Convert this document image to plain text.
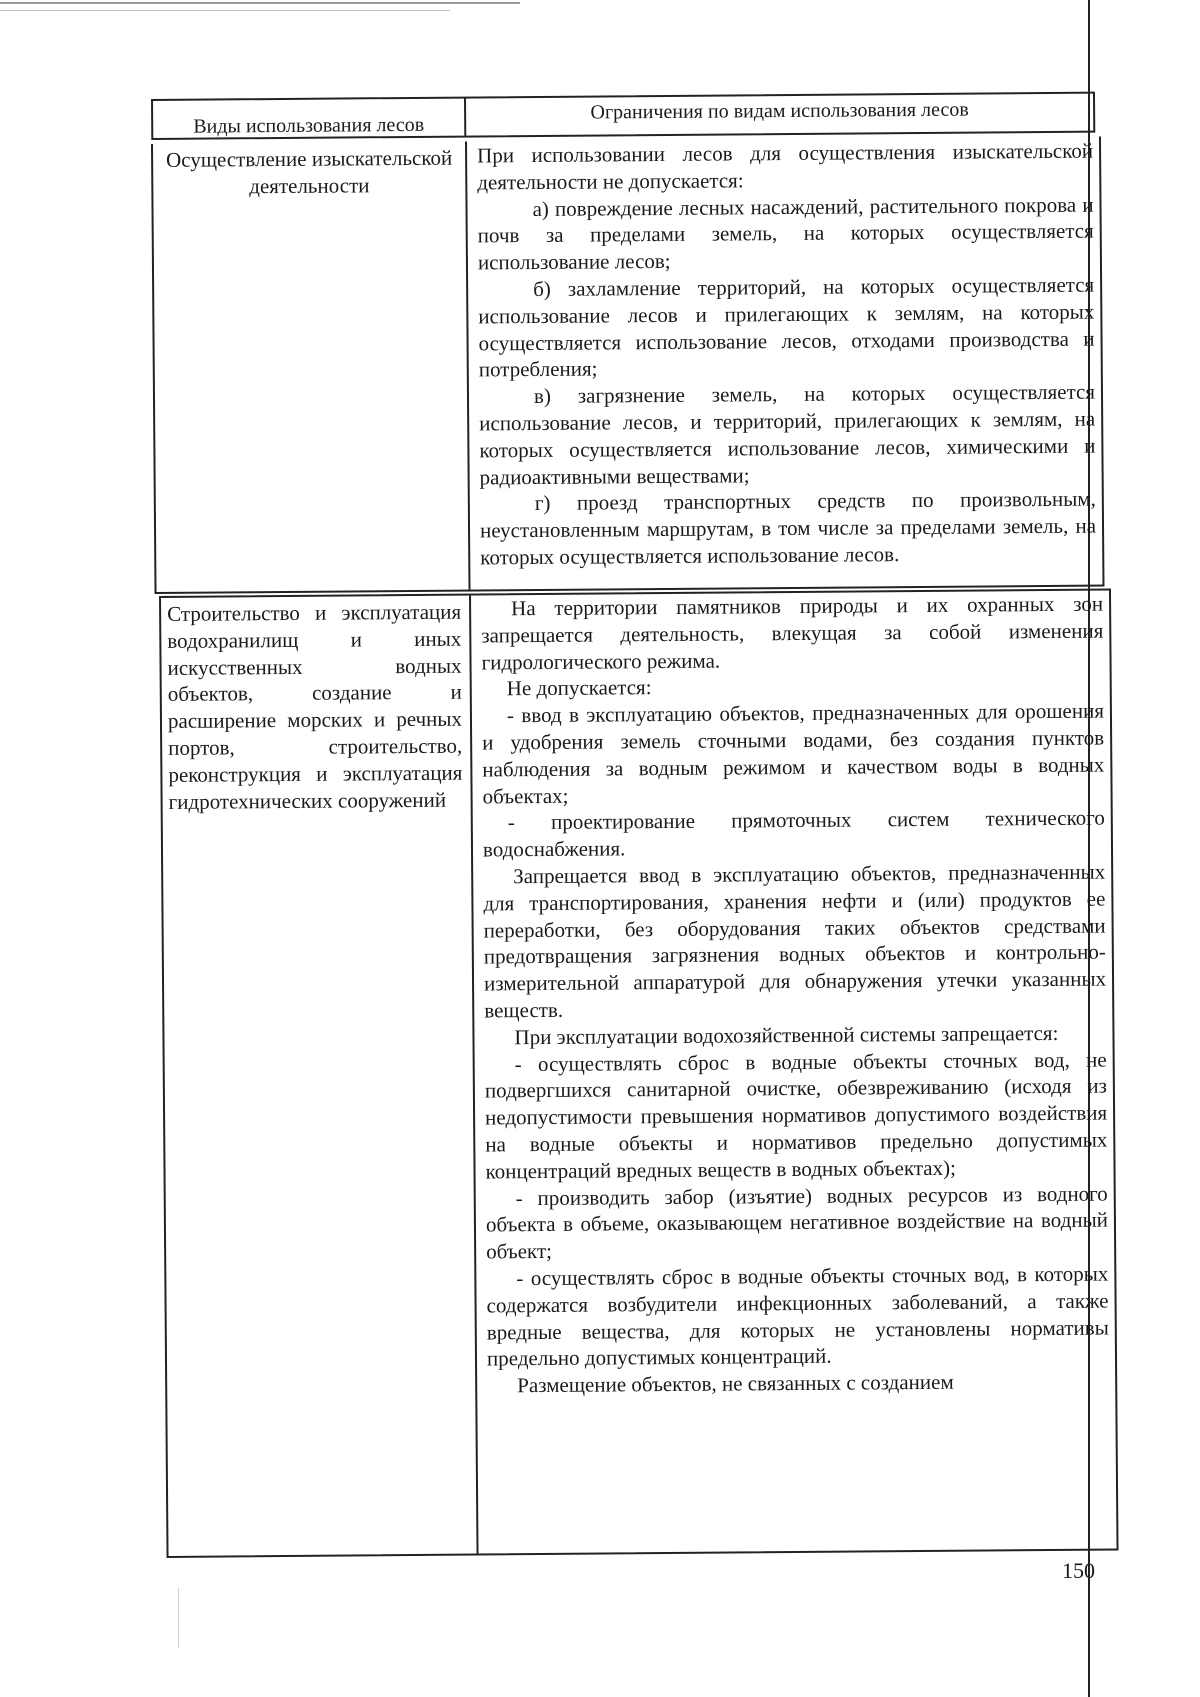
Виды использования лесов
Ограничения по видам использования лесов
Осуществление изыскательской деятельности

При использовании лесов для осуществления изыскательской деятельности не допускается:

а) повреждение лесных насаждений, растительного покрова и почв за пределами земель, на которых осуществляется использование лесов;

б) захламление территорий, на которых осуществляется использование лесов и прилегающих к землям, на которых осуществляется использование лесов, отходами производства и потребления;

в) загрязнение земель, на которых осуществляется использование лесов, и территорий, прилегающих к землям, на которых осуществляется использование лесов, химическими и радиоактивными веществами;

г) проезд транспортных средств по произвольным, неустановленным маршрутам, в том числе за пределами земель, на которых осуществляется использование лесов.

Строительство и эксплуатация водохранилищ и иных искусственных водных объектов, создание и расширение морских и речных портов, строительство, реконструкция и эксплуатация гидротехнических сооружений

На территории памятников природы и их охранных зон запрещается деятельность, влекущая за собой изменения гидрологического режима.

Не допускается:

- ввод в эксплуатацию объектов, предназначенных для орошения и удобрения земель сточными водами, без создания пунктов наблюдения за водным режимом и качеством воды в водных объектах;

- проектирование прямоточных систем технического водоснабжения.

Запрещается ввод в эксплуатацию объектов, предназначенных для транспортирования, хранения нефти и (или) продуктов ее переработки, без оборудования таких объектов средствами предотвращения загрязнения водных объектов и контрольно-измерительной аппаратурой для обнаружения утечки указанных веществ.

При эксплуатации водохозяйственной системы запрещается:

- осуществлять сброс в водные объекты сточных вод, не подвергшихся санитарной очистке, обезвреживанию (исходя из недопустимости превышения нормативов допустимого воздействия на водные объекты и нормативов предельно допустимых концентраций вредных веществ в водных объектах);

- производить забор (изъятие) водных ресурсов из водного объекта в объеме, оказывающем негативное воздействие на водный объект;

- осуществлять сброс в водные объекты сточных вод, в которых содержатся возбудители инфекционных заболеваний, а также вредные вещества, для которых не установлены нормативы предельно допустимых концентраций.

Размещение объектов, не связанных с созданием

150
